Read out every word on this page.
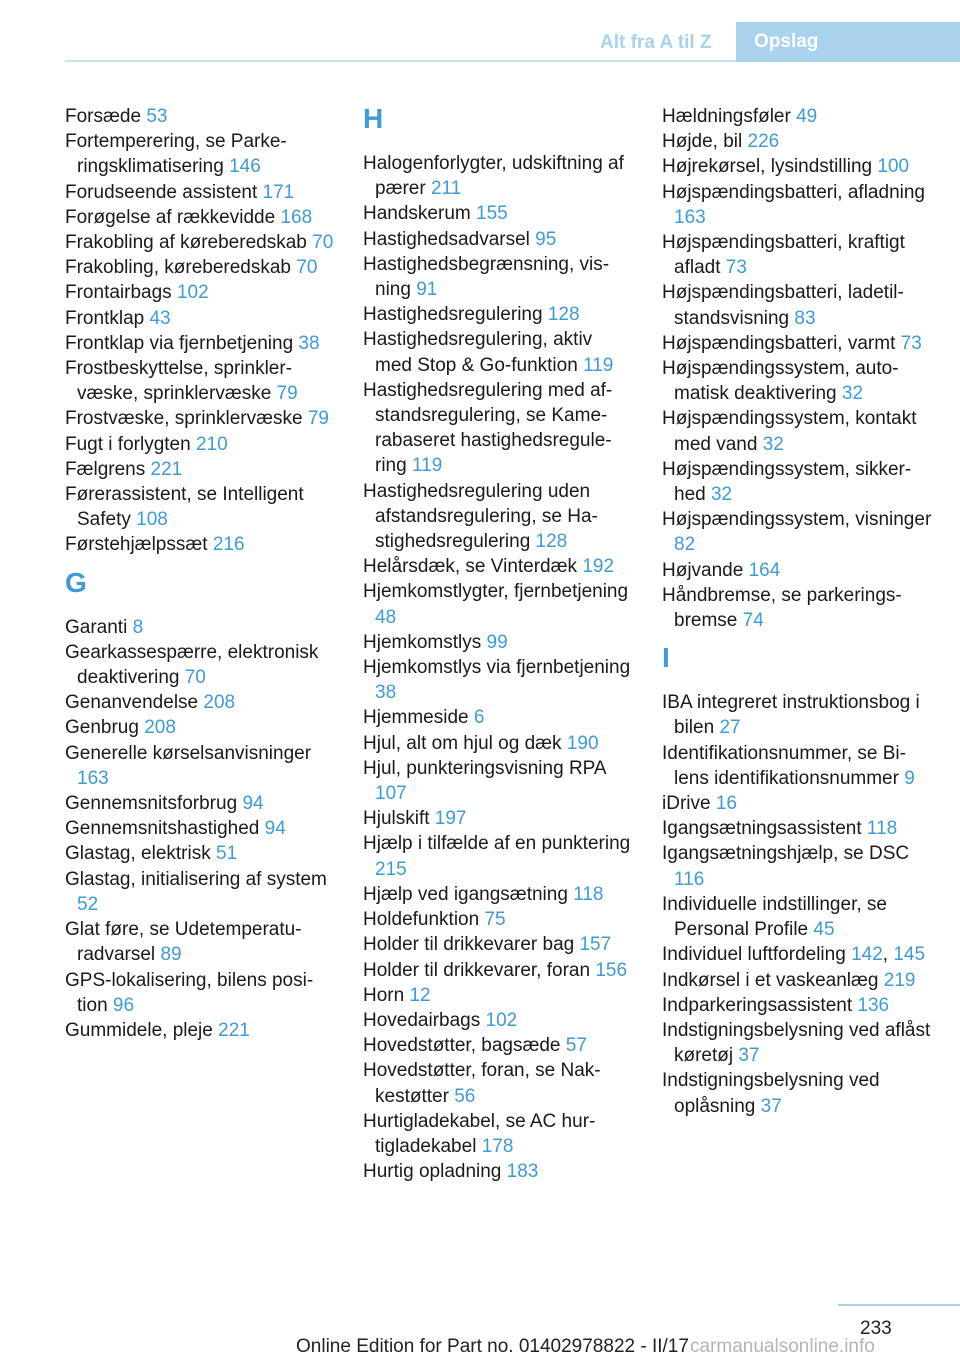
Alt fra A til Z	Opslag
Forsæde 53
Fortemperering, se Parkeringsklimatisering 146
Forudseende assistent 171
Forøgelse af rækkevidde 168
Frakobling af køreberedskab 70
Frakobling, køreberedskab 70
Frontairbags 102
Frontklap 43
Frontklap via fjernbetjening 38
Frostbeskyttelse, sprinklervæske, sprinklervæske 79
Frostvæske, sprinklervæske 79
Fugt i forlygten 210
Fælgrens 221
Førerassistent, se Intelligent Safety 108
Førstehjælpssæt 216
G
Garanti 8
Gearkassespærre, elektronisk deaktivering 70
Genanvendelse 208
Genbrug 208
Generelle kørselsanvisninger 163
Gennemsnitsforbrug 94
Gennemsnitshastighed 94
Glastag, elektrisk 51
Glastag, initialisering af system 52
Glat føre, se Udetemperaturadvarsel 89
GPS-lokalisering, bilens position 96
Gummidele, pleje 221
H
Halogenforlygter, udskiftning af pærer 211
Handskerum 155
Hastighedsadvarsel 95
Hastighedsbegrænsning, visning 91
Hastighedsregulering 128
Hastighedsregulering, aktiv med Stop & Go-funktion 119
Hastighedsregulering med afstandsregulering, se Kamerabaseret hastighedsregulering 119
Hastighedsregulering uden afstandsregulering, se Hastighedsregulering 128
Helårsdæk, se Vinterdæk 192
Hjemkomstlygter, fjernbetjening 48
Hjemkomstlys 99
Hjemkomstlys via fjernbetjening 38
Hjemmeside 6
Hjul, alt om hjul og dæk 190
Hjul, punkteringsvisning RPA 107
Hjulskift 197
Hjælp i tilfælde af en punktering 215
Hjælp ved igangsætning 118
Holdefunktion 75
Holder til drikkevarer bag 157
Holder til drikkevarer, foran 156
Horn 12
Hovedairbags 102
Hovedstøtter, bagsæde 57
Hovedstøtter, foran, se Nakkestøtter 56
Hurtigladekabel, se AC hurtigladekabel 178
Hurtig opladning 183
Hældningsføler 49
Højde, bil 226
Højrekørsel, lysindstilling 100
Højspændingsbatteri, afladning 163
Højspændingsbatteri, kraftigt afladt 73
Højspændingsbatteri, ladetilstandsvisning 83
Højspændingsbatteri, varmt 73
Højspændingssystem, automatisk deaktivering 32
Højspændingssystem, kontakt med vand 32
Højspændingssystem, sikkerhed 32
Højspændingssystem, visninger 82
Højvande 164
Håndbremse, se parkeringsbremse 74
I
IBA integreret instruktionsbog i bilen 27
Identifikationsnummer, se Bilens identifikationsnummer 9
iDrive 16
Igangsætningsassistent 118
Igangsætningshjælp, se DSC 116
Individuelle indstillinger, se Personal Profile 45
Individuel luftfordeling 142, 145
Indkørsel i et vaskeanlæg 219
Indparkeringsassistent 136
Indstigningsbelysning ved aflåst køretøj 37
Indstigningsbelysning ved oplåsning 37
233
Online Edition for Part no. 01402978822 - II/17 carmanualsonline.info
